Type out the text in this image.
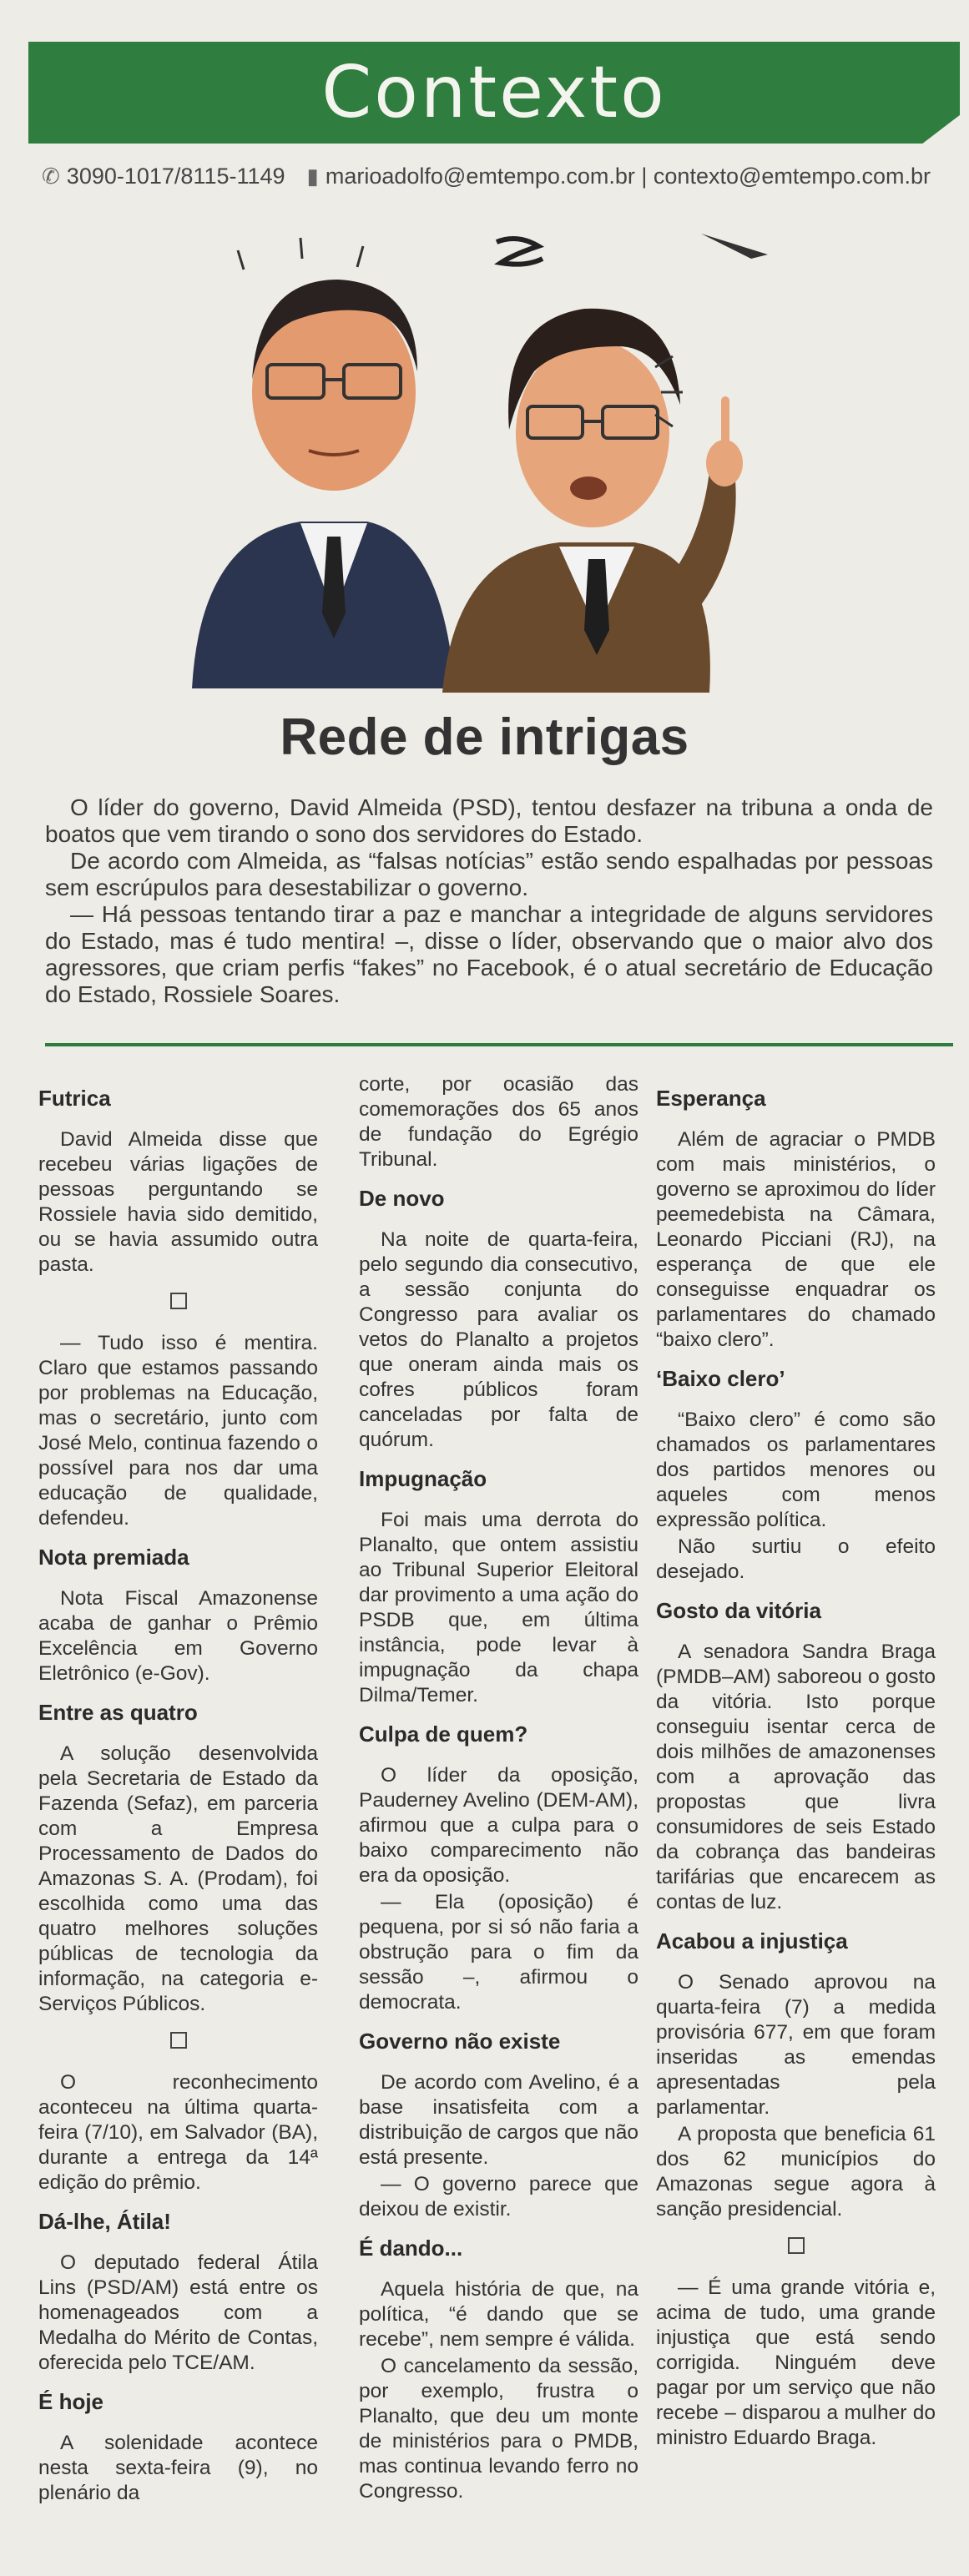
Contexto
✆ 3090-1017/8115-1149 ▮ marioadolfo@emtempo.com.br | contexto@emtempo.com.br
Rede de intrigas

O líder do governo, David Almeida (PSD), tentou desfazer na tribuna a onda de boatos que vem tirando o sono dos servidores do Estado.

De acordo com Almeida, as “falsas notícias” estão sendo espalhadas por pessoas sem escrúpulos para desestabilizar o governo.

— Há pessoas tentando tirar a paz e manchar a integridade de alguns servidores do Estado, mas é tudo mentira! –, disse o líder, observando que o maior alvo dos agressores, que criam perfis “fakes” no Facebook, é o atual secretário de Educação do Estado, Rossiele Soares.

Futrica

David Almeida disse que recebeu várias ligações de pessoas perguntando se Rossiele havia sido demitido, ou se havia assumido outra pasta.

— Tudo isso é mentira. Claro que estamos passando por problemas na Educação, mas o secretário, junto com José Melo, continua fazendo o possível para nos dar uma educação de qualidade, defendeu.

Nota premiada

Nota Fiscal Amazonense acaba de ganhar o Prêmio Excelência em Governo Eletrônico (e-Gov).

Entre as quatro

A solução desenvolvida pela Secretaria de Estado da Fazenda (Sefaz), em parceria com a Empresa Processamento de Dados do Amazonas S. A. (Prodam), foi escolhida como uma das quatro melhores soluções públicas de tecnologia da informação, na categoria e-Serviços Públicos.

O reconhecimento aconteceu na última quarta-feira (7/10), em Salvador (BA), durante a entrega da 14ª edição do prêmio.

Dá-lhe, Átila!

O deputado federal Átila Lins (PSD/AM) está entre os homenageados com a Medalha do Mérito de Contas, oferecida pelo TCE/AM.

É hoje

A solenidade acontece nesta sexta-feira (9), no plenário da

corte, por ocasião das comemorações dos 65 anos de fundação do Egrégio Tribunal.

De novo

Na noite de quarta-feira, pelo segundo dia consecutivo, a sessão conjunta do Congresso para avaliar os vetos do Planalto a projetos que oneram ainda mais os cofres públicos foram canceladas por falta de quórum.

Impugnação

Foi mais uma derrota do Planalto, que ontem assistiu ao Tribunal Superior Eleitoral dar provimento a uma ação do PSDB que, em última instância, pode levar à impugnação da chapa Dilma/Temer.

Culpa de quem?

O líder da oposição, Pauderney Avelino (DEM-AM), afirmou que a culpa para o baixo comparecimento não era da oposição.

— Ela (oposição) é pequena, por si só não faria a obstrução para o fim da sessão –, afirmou o democrata.

Governo não existe

De acordo com Avelino, é a base insatisfeita com a distribuição de cargos que não está presente.

— O governo parece que deixou de existir.

É dando...

Aquela história de que, na política, “é dando que se recebe”, nem sempre é válida.

O cancelamento da sessão, por exemplo, frustra o Planalto, que deu um monte de ministérios para o PMDB, mas continua levando ferro no Congresso.

Esperança

Além de agraciar o PMDB com mais ministérios, o governo se aproximou do líder peemedebista na Câmara, Leonardo Picciani (RJ), na esperança de que ele conseguisse enquadrar os parlamentares do chamado “baixo clero”.

‘Baixo clero’

“Baixo clero” é como são chamados os parlamentares dos partidos menores ou aqueles com menos expressão política.

Não surtiu o efeito desejado.

Gosto da vitória

A senadora Sandra Braga (PMDB–AM) saboreou o gosto da vitória. Isto porque conseguiu isentar cerca de dois milhões de amazonenses com a aprovação das propostas que livra consumidores de seis Estado da cobrança das bandeiras tarifárias que encarecem as contas de luz.

Acabou a injustiça

O Senado aprovou na quarta-feira (7) a medida provisória 677, em que foram inseridas as emendas apresentadas pela parlamentar.

A proposta que beneficia 61 dos 62 municípios do Amazonas segue agora à sanção presidencial.

— É uma grande vitória e, acima de tudo, uma grande injustiça que está sendo corrigida. Ninguém deve pagar por um serviço que não recebe – disparou a mulher do ministro Eduardo Braga.
